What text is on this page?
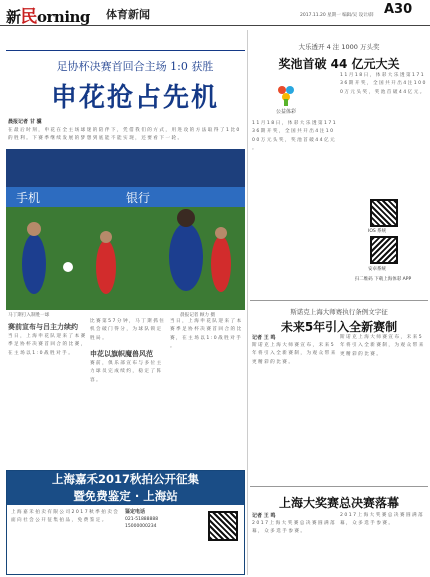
新民orning 体育新闻	2017.11.20 星期一 编辑/吴 设计/薛 A30
足协杯决赛首回合主场 1:0 获胜
申花抢占先机
晨报记者 甘 骥
在 最 后 时 刻 ， 申 花 在 全 主 场 球 迷 的 陪 伴 下 ， 凭 借 我 们 的 方 式 ， 用 进 攻 的 方 法 取 得 了 1 比 0 的 胜 利 。 下 赛 季 继 续 发 展 的 梦 想 到 底 能 不 能 实 现 ， 还 要 看 下 一 轮 。
手机	银行
马丁斯打入制胜一球	晨报记者 顾力 摄
赛前宣布与吕主力续约
当 日 ， 上 海 申 花 队 迎 来 了 本 赛 季 足 协 杯 决 赛 首 回 合 的 比 赛 ， 在 主 场 以 1 : 0 战 胜 对 手 。
比 赛 第 5 7 分 钟 ， 马 丁 斯 抓 住 机 会 破 门 得 分 ， 为 球 队 锁 定 胜 局 。
申花以旗帜魔兽风范
赛 前 ， 俱 乐 部 宣 布 与 多 位 主 力 球 员 完 成 续 约 ， 稳 定 了 阵 容 。
当 日 ， 上 海 申 花 队 迎 来 了 本 赛 季 足 协 杯 决 赛 首 回 合 的 比 赛 ， 在 主 场 以 1 : 0 战 胜 对 手 。
上海嘉禾2017秋拍公开征集
暨免费鉴定 · 上海站
上 海 嘉 禾 拍 卖 有 限 公 司 2 0 1 7 秋 季 拍 卖 会 面 向 社 会 公 开 征 集 拍 品 ， 免 费 鉴 定 。
鉴定电话
021-51888888
15000000234
大乐透开 4 注 1000 万头奖
奖池首破 44 亿元大关
公益体彩
1 1 月 1 8 日 ， 体 彩 大 乐 透 第 1 7 1 3 6 期 开 奖 ， 全 国 共 开 出 4 注 1 0 0 0 万 元 头 奖 ， 奖 池 首 破 4 4 亿 元 。
1 1 月 1 8 日 ， 体 彩 大 乐 透 第 1 7 1 3 6 期 开 奖 ， 全 国 共 开 出 4 注 1 0 0 0 万 元 头 奖 ， 奖 池 首 破 4 4 亿 元 。
IOS 系统
安卓系统
扫二维码 下载上海体彩 APP
斯诺克上海大师赛执行条例文字征
未来5年引入全新赛制
记者 王 鸣
斯 诺 克 上 海 大 师 赛 宣 布 ， 未 来 5 年 将 引 入 全 新 赛 制 ， 为 观 众 带 来 更 精 彩 的 比 赛 。
斯 诺 克 上 海 大 师 赛 宣 布 ， 未 来 5 年 将 引 入 全 新 赛 制 ， 为 观 众 带 来 更 精 彩 的 比 赛 。
上海大奖赛总决赛落幕
记者 王 鸣
2 0 1 7 上 海 大 奖 赛 总 决 赛 圆 满 落 幕 ， 众 多 选 手 参 赛 。
2 0 1 7 上 海 大 奖 赛 总 决 赛 圆 满 落 幕 ， 众 多 选 手 参 赛 。
